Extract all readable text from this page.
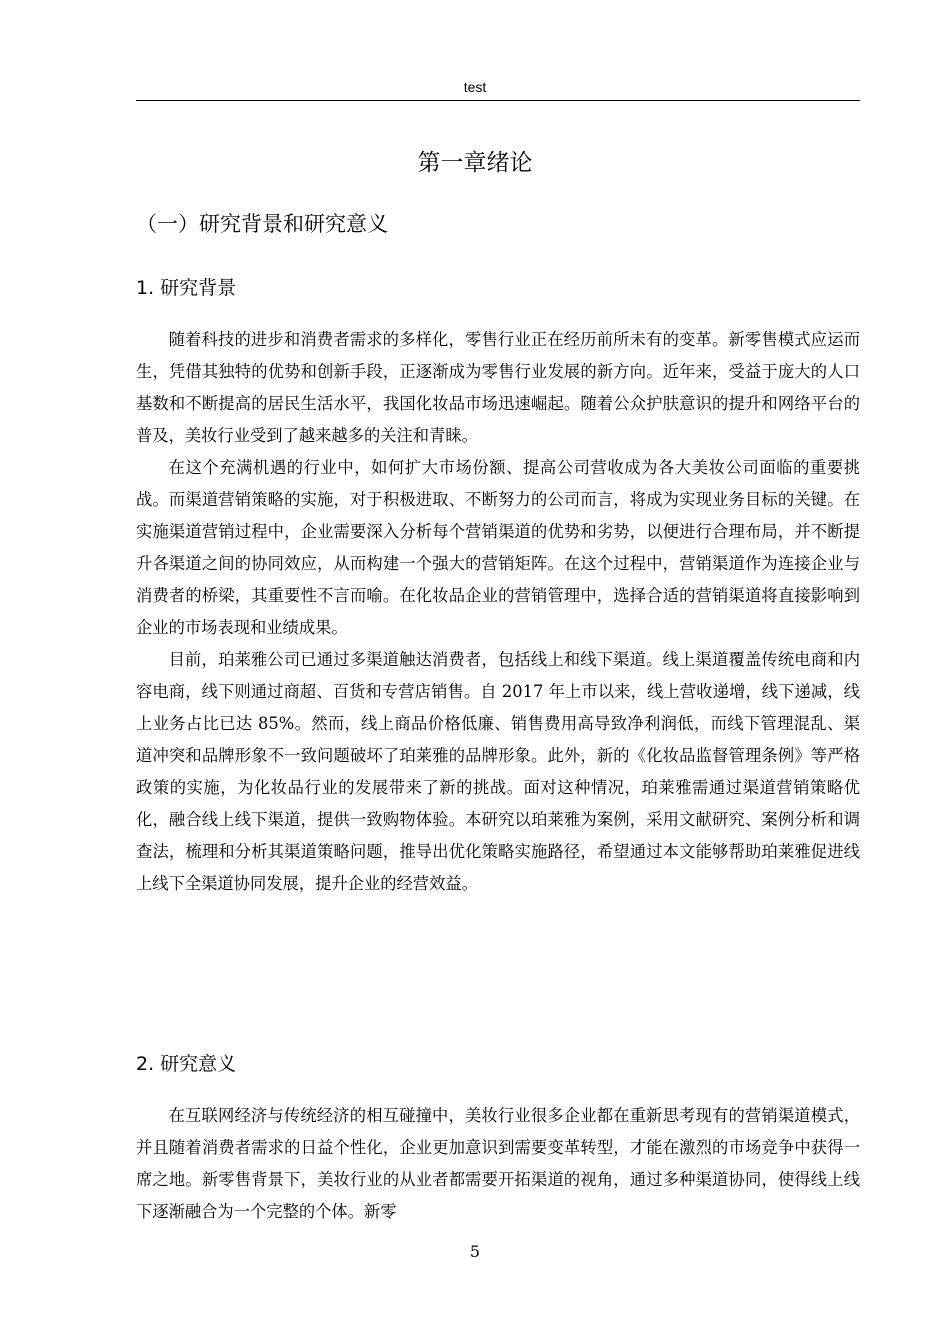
test
第一章绪论
（一）研究背景和研究意义
1. 研究背景

随着科技的进步和消费者需求的多样化，零售行业正在经历前所未有的变革。新零售模式应运而生，凭借其独特的优势和创新手段，正逐渐成为零售行业发展的新方向。近年来，受益于庞大的人口基数和不断提高的居民生活水平，我国化妆品市场迅速崛起。随着公众护肤意识的提升和网络平台的普及，美妆行业受到了越来越多的关注和青睐。

在这个充满机遇的行业中，如何扩大市场份额、提高公司营收成为各大美妆公司面临的重要挑战。而渠道营销策略的实施，对于积极进取、不断努力的公司而言，将成为实现业务目标的关键。在实施渠道营销过程中，企业需要深入分析每个营销渠道的优势和劣势，以便进行合理布局，并不断提升各渠道之间的协同效应，从而构建一个强大的营销矩阵。在这个过程中，营销渠道作为连接企业与消费者的桥梁，其重要性不言而喻。在化妆品企业的营销管理中，选择合适的营销渠道将直接影响到企业的市场表现和业绩成果。

目前，珀莱雅公司已通过多渠道触达消费者，包括线上和线下渠道。线上渠道覆盖传统电商和内容电商，线下则通过商超、百货和专营店销售。自 2017 年上市以来，线上营收递增，线下递减，线上业务占比已达 85%。然而，线上商品价格低廉、销售费用高导致净利润低，而线下管理混乱、渠道冲突和品牌形象不一致问题破坏了珀莱雅的品牌形象。此外，新的《化妆品监督管理条例》等严格政策的实施，为化妆品行业的发展带来了新的挑战。面对这种情况，珀莱雅需通过渠道营销策略优化，融合线上线下渠道，提供一致购物体验。本研究以珀莱雅为案例，采用文献研究、案例分析和调查法，梳理和分析其渠道策略问题，推导出优化策略实施路径，希望通过本文能够帮助珀莱雅促进线上线下全渠道协同发展，提升企业的经营效益。

2. 研究意义

在互联网经济与传统经济的相互碰撞中，美妆行业很多企业都在重新思考现有的营销渠道模式，并且随着消费者需求的日益个性化，企业更加意识到需要变革转型，才能在激烈的市场竞争中获得一席之地。新零售背景下，美妆行业的从业者都需要开拓渠道的视角，通过多种渠道协同，使得线上线下逐渐融合为一个完整的个体。新零

5
